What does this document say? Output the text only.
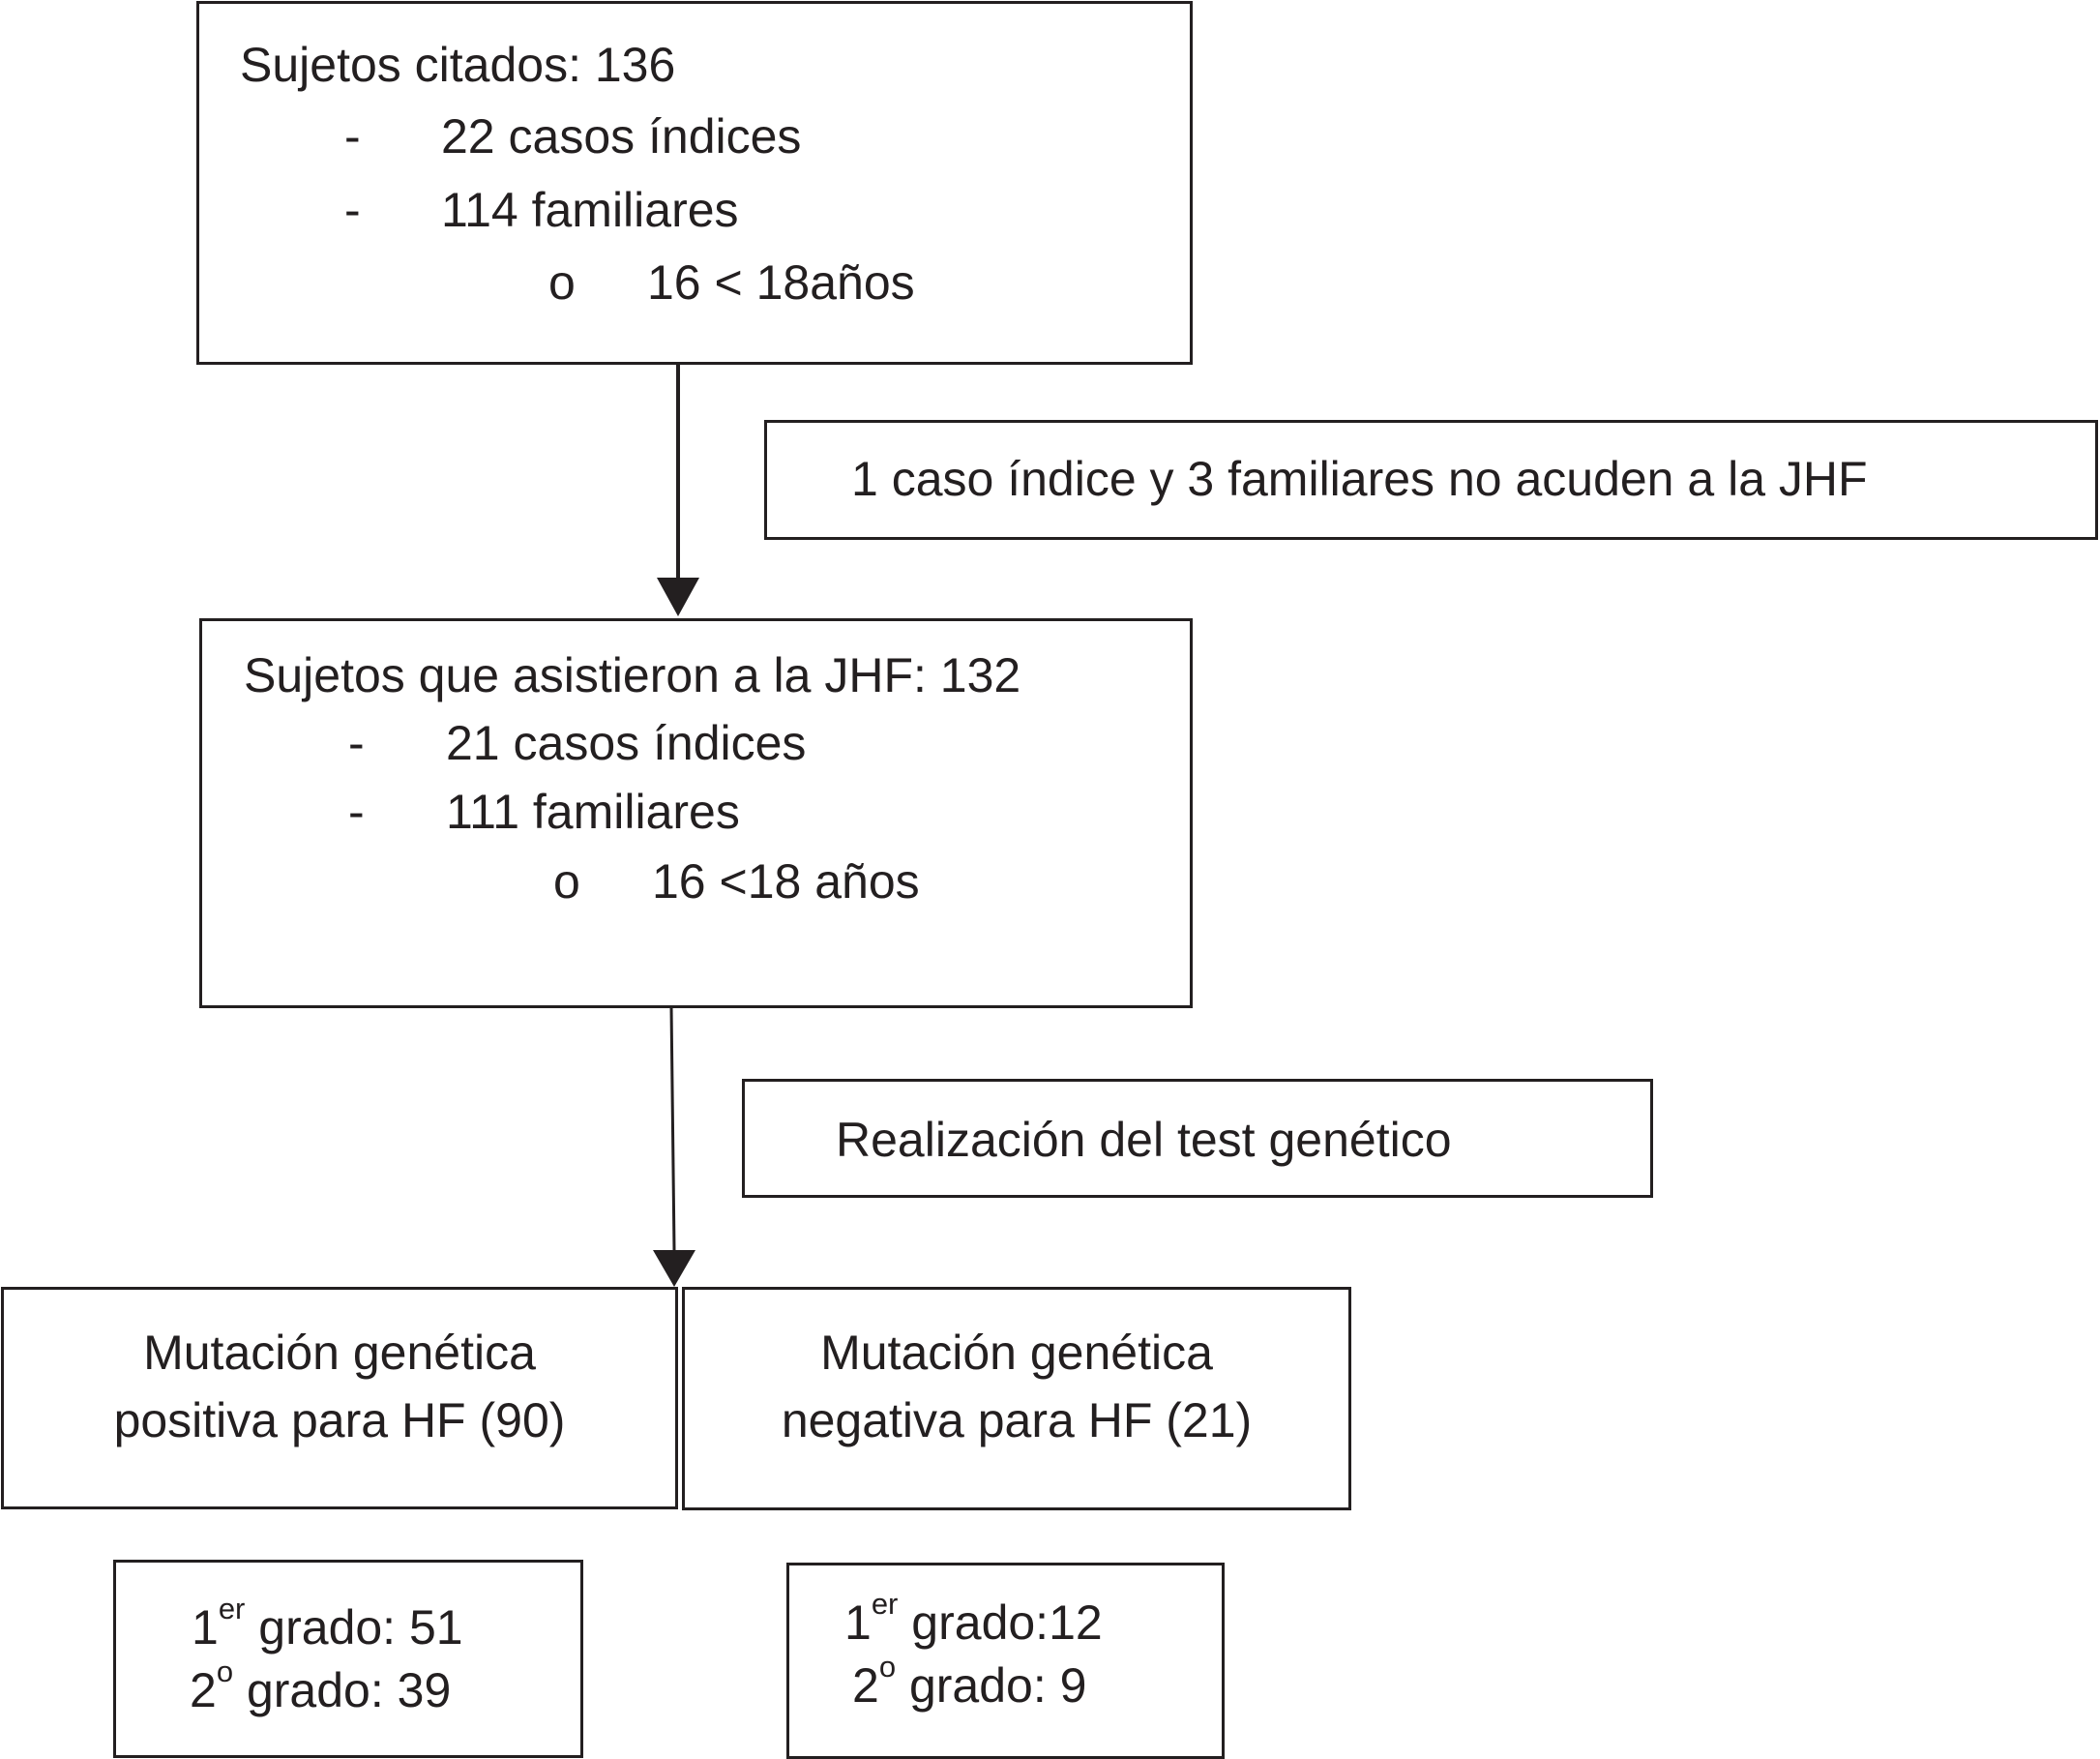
Sujetos citados: 136
- 22 casos índices
- 114 familiares
o 16 < 18años
1 caso índice y 3 familiares no acuden a la JHF
Sujetos que asistieron a la JHF: 132
- 21 casos índices
- 111 familiares
o 16 <18 años
Realización del test genético
Mutación genética
positiva para HF (90)
Mutación genética
negativa para HF (21)
1er grado: 51
2$^o$ grado: 39
1er grado:12
2$^o$ grado: 9
